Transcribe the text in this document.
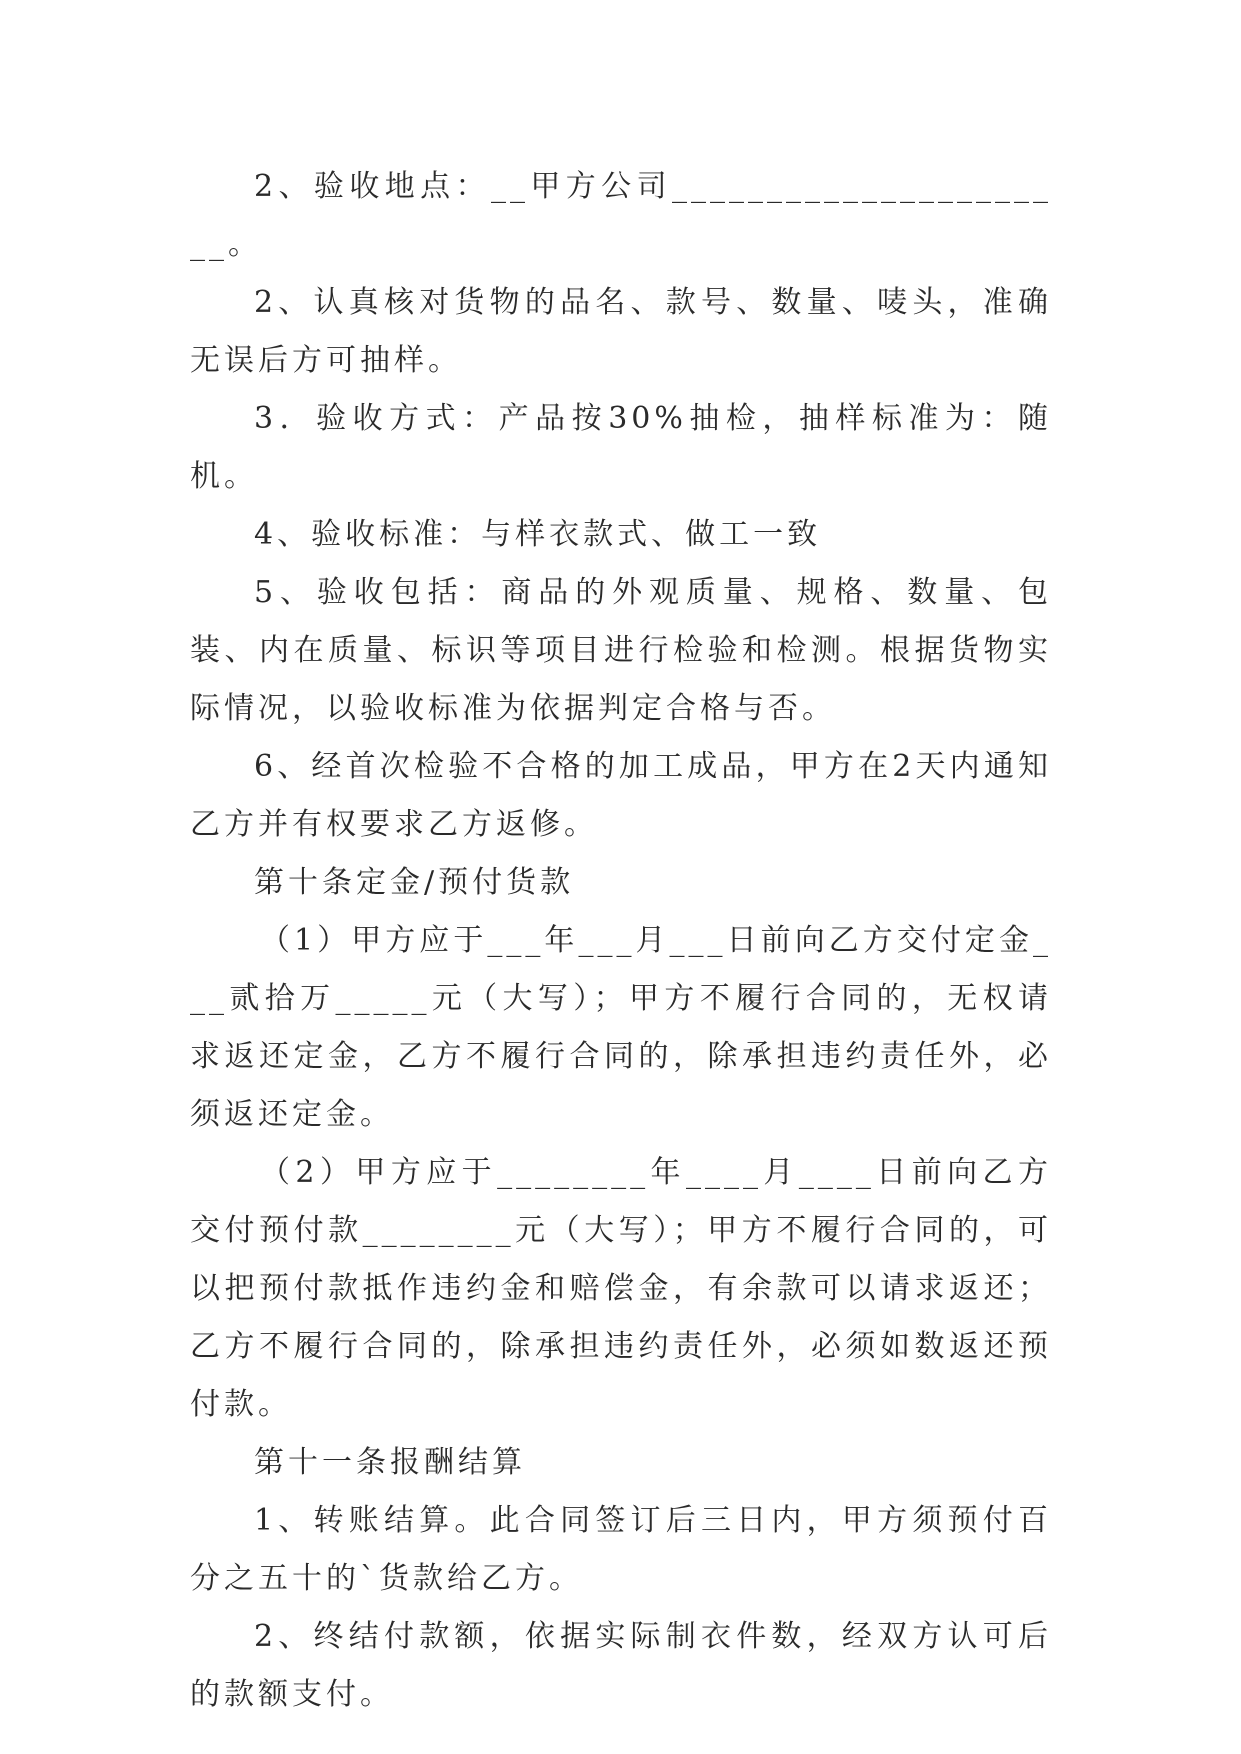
2、验收地点：__甲方公司______________________。

2、认真核对货物的品名、款号、数量、唛头，准确无误后方可抽样。

3．验收方式：产品按30%抽检，抽样标准为：随机。

4、验收标准：与样衣款式、做工一致

5、验收包括：商品的外观质量、规格、数量、包装、内在质量、标识等项目进行检验和检测。根据货物实际情况，以验收标准为依据判定合格与否。

6、经首次检验不合格的加工成品，甲方在2天内通知乙方并有权要求乙方返修。

第十条定金/预付货款

（1）甲方应于___年___月___日前向乙方交付定金___贰拾万_____元（大写）；甲方不履行合同的，无权请求返还定金，乙方不履行合同的，除承担违约责任外，必须返还定金。

（2）甲方应于________年____月____日前向乙方交付预付款________元（大写）；甲方不履行合同的，可以把预付款抵作违约金和赔偿金，有余款可以请求返还；乙方不履行合同的，除承担违约责任外，必须如数返还预付款。

第十一条报酬结算

1、转账结算。此合同签订后三日内，甲方须预付百分之五十的`货款给乙方。

2、终结付款额，依据实际制衣件数，经双方认可后的款额支付。
